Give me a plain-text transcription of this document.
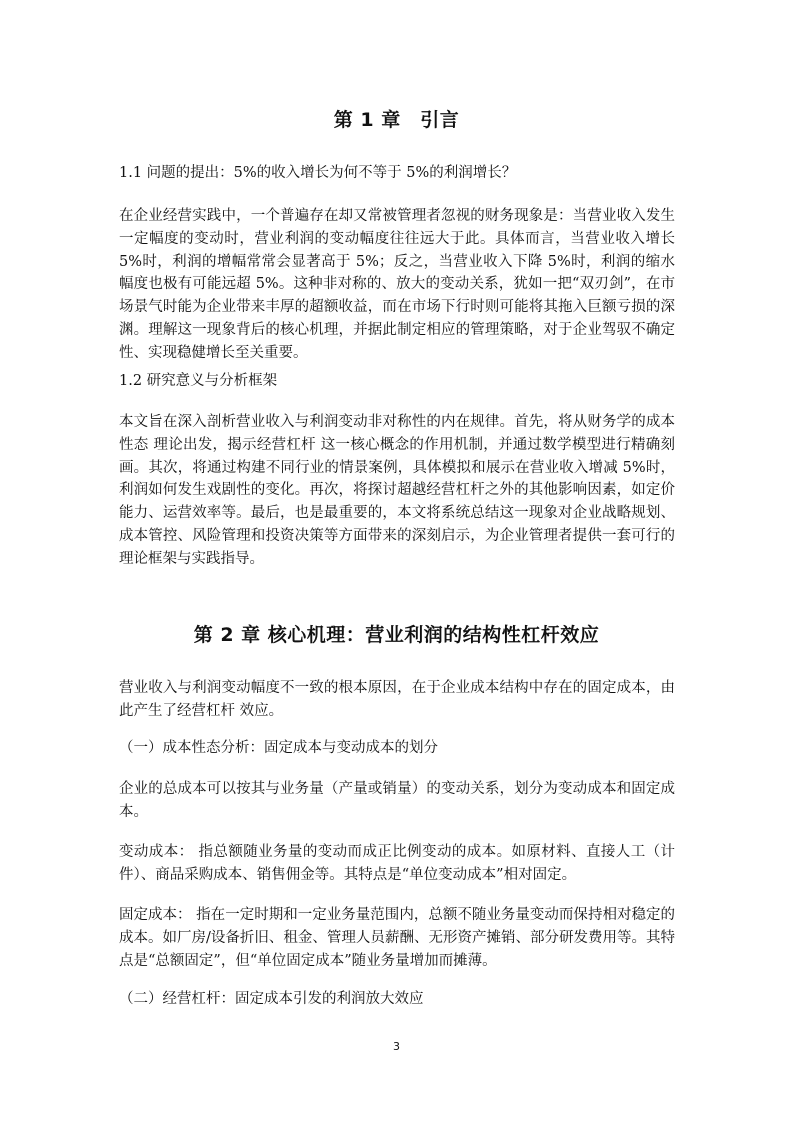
第 1 章　引言

1.1 问题的提出：5%的收入增长为何不等于 5%的利润增长？

在企业经营实践中，一个普遍存在却又常被管理者忽视的财务现象是：当营业收入发生一定幅度的变动时，营业利润的变动幅度往往远大于此。具体而言，当营业收入增长 5%时，利润的增幅常常会显著高于 5%；反之，当营业收入下降 5%时，利润的缩水幅度也极有可能远超 5%。这种非对称的、放大的变动关系，犹如一把“双刃剑”，在市场景气时能为企业带来丰厚的超额收益，而在市场下行时则可能将其拖入巨额亏损的深渊。理解这一现象背后的核心机理，并据此制定相应的管理策略，对于企业驾驭不确定性、实现稳健增长至关重要。

1.2 研究意义与分析框架

本文旨在深入剖析营业收入与利润变动非对称性的内在规律。首先，将从财务学的成本性态 理论出发，揭示经营杠杆 这一核心概念的作用机制，并通过数学模型进行精确刻画。其次，将通过构建不同行业的情景案例，具体模拟和展示在营业收入增减 5%时，利润如何发生戏剧性的变化。再次，将探讨超越经营杠杆之外的其他影响因素，如定价能力、运营效率等。最后，也是最重要的，本文将系统总结这一现象对企业战略规划、成本管控、风险管理和投资决策等方面带来的深刻启示，为企业管理者提供一套可行的理论框架与实践指导。

第 2 章 核心机理：营业利润的结构性杠杆效应

营业收入与利润变动幅度不一致的根本原因，在于企业成本结构中存在的固定成本，由此产生了经营杠杆 效应。

（一）成本性态分析：固定成本与变动成本的划分

企业的总成本可以按其与业务量（产量或销量）的变动关系，划分为变动成本和固定成本。

变动成本： 指总额随业务量的变动而成正比例变动的成本。如原材料、直接人工（计件）、商品采购成本、销售佣金等。其特点是“单位变动成本”相对固定。

固定成本： 指在一定时期和一定业务量范围内，总额不随业务量变动而保持相对稳定的成本。如厂房/设备折旧、租金、管理人员薪酬、无形资产摊销、部分研发费用等。其特点是“总额固定”，但“单位固定成本”随业务量增加而摊薄。

（二）经营杠杆：固定成本引发的利润放大效应

3
